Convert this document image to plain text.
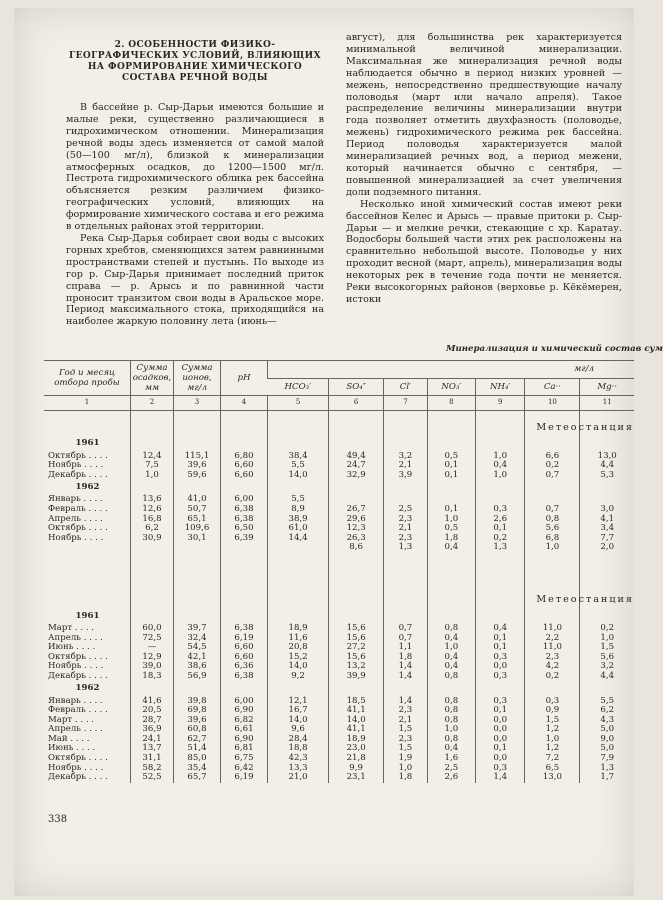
2. ОСОБЕННОСТИ ФИЗИКО-ГЕОГРАФИЧЕСКИХ УСЛОВИЙ, ВЛИЯЮЩИХ НА ФОРМИРОВАНИЕ ХИМИЧЕСКОГО СОСТАВА РЕЧНОЙ ВОДЫ

В бассейне р. Сыр-Дарьи имеются большие и малые реки, существенно различающиеся в гидрохимическом отношении. Минерализация речной воды здесь изменяется от самой малой (50—100 мг/л), близкой к минерализации атмосферных осадков, до 1200—1500 мг/л. Пестрота гидрохимического облика рек бассейна объясняется резким различием физико-географических условий, влияющих на формирование химического состава и его режима в отдельных районах этой территории.

Река Сыр-Дарья собирает свои воды с высоких горных хребтов, сменяющихся затем равнинными пространствами степей и пустынь. По выходе из гор р. Сыр-Дарья принимает последний приток справа — р. Арысь и по равнинной части проносит транзитом свои воды в Аральское море. Период максимального стока, приходящийся на наиболее жаркую половину лета (июнь—

август), для большинства рек характеризуется минимальной величиной минерализации. Максимальная же минерализация речной воды наблюдается обычно в период низких уровней — межень, непосредственно предшествующие началу половодья (март или начало апреля). Такое распределение величины минерализации внутри года позволяет отметить двухфазность (половодье, межень) гидрохимического режима рек бассейна. Период половодья характеризуется малой минерализацией речных вод, а период межени, который начинается обычно с сентября, — повышенной минерализацией за счет увеличения доли подземного питания.

Несколько иной химический состав имеют реки бассейнов Келес и Арысь — правые притоки р. Сыр-Дарьи — и мелкие речки, стекающие с хр. Каратау. Водосборы большей части этих рек расположены на сравнительно небольшой высоте. Половодье у них проходит весной (март, апрель), минерализация воды некоторых рек в течение года почти не меняется. Реки высокогорных районов (верховье р. Кёкёмерен, истоки

Минерализация и химический состав сум
Год и месяц отбора пробы	Сумма осадков, мм	Сумма ионов, мг/л	pH	мг/л						
				HCO₃′	SO₄″	Cl′	NO₃′	NH₄′	Ca··	Mg··
1	2	3	4	5	6	7	8	9	10	11

										Метеостанция

1961										
Октябрь . . . .	12,4	115,1	6,80	38,4	49,4	3,2	0,5	1,0	6,6	13,0
Ноябрь . . . .	7,5	39,6	6,60	5,5	24,7	2,1	0,1	0,4	0,2	4,4
Декабрь . . . .	1,0	59,6	6,60	14,0	32,9	3,9	0,1	1,0	0,7	5,3
1962										
Январь . . . .	13,6	41,0	6,00	5,5						
Февраль . . . .	12,6	50,7	6,38	8,9	26,7	2,5	0,1	0,3	0,7	3,0
Апрель . . . .	16,8	65,1	6,38	38,9	29,6	2,3	1,0	2,6	0,8	4,1
Октябрь . . . .	6,2	109,6	6,50	61,0	12,3	2,1	0,5	0,1	5,6	3,4
Ноябрь . . . .	30,9	30,1	6,39	14,4	26,3	2,3	1,8	0,2	6,8	7,7
					8,6	1,3	0,4	1,3	1,0	2,0

										Метеостанция

1961										
Март . . . .	60,0	39,7	6,38	18,9	15,6	0,7	0,8	0,4	11,0	0,2
Апрель . . . .	72,5	32,4	6,19	11,6	15,6	0,7	0,4	0,1	2,2	1,0
Июнь . . . .	—	54,5	6,60	20,8	27,2	1,1	1,0	0,1	11,0	1,5
Октябрь . . . .	12,9	42,1	6,60	15,2	15,6	1,8	0,4	0,3	2,3	5,6
Ноябрь . . . .	39,0	38,6	6,36	14,0	13,2	1,4	0,4	0,0	4,2	3,2
Декабрь . . . .	18,3	56,9	6,38	9,2	39,9	1,4	0,8	0,3	0,2	4,4
1962										
Январь . . . .	41,6	39,8	6,00	12,1	18,5	1,4	0,8	0,3	0,3	5,5
Февраль . . . .	20,5	69,8	6,90	16,7	41,1	2,3	0,8	0,1	0,9	6,2
Март . . . .	28,7	39,6	6,82	14,0	14,0	2,1	0,8	0,0	1,5	4,3
Апрель . . . .	36,9	60,8	6,61	9,6	41,1	1,5	1,0	0,0	1,2	5,0
Май . . . .	24,1	62,7	6,90	28,4	18,9	2,3	0,8	0,0	1,0	9,0
Июнь . . . .	13,7	51,4	6,81	18,8	23,0	1,5	0,4	0,1	1,2	5,0
Октябрь . . . .	31,1	85,0	6,75	42,3	21,8	1,9	1,6	0,0	7,2	7,9
Ноябрь . . . .	58,2	35,4	6,42	13,3	9,9	1,0	2,5	0,3	6,5	1,3
Декабрь . . . .	52,5	65,7	6,19	21,0	23,1	1,8	2,6	1,4	13,0	1,7
338
